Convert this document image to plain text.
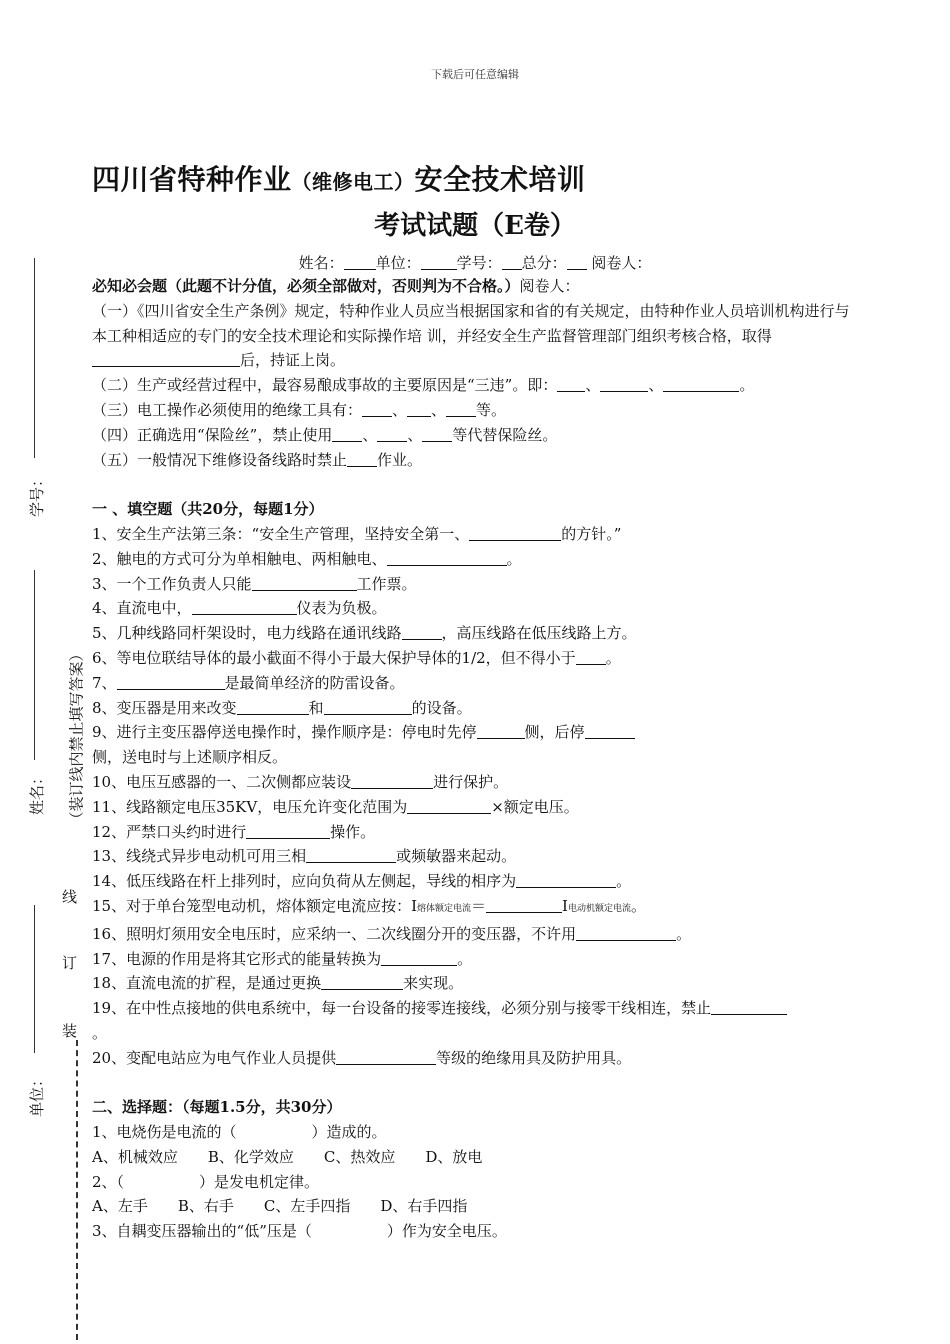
下载后可任意编辑
四川省特种作业（维修电工）安全技术培训
考试试题（E卷）
姓名： 单位： 学号： 总分： 阅卷人：

必知必会题（此题不计分值，必须全部做对，否则判为不合格。）阅卷人：

（一）《四川省安全生产条例》规定，特种作业人员应当根据国家和省的有关规定，由特种作业人员培训机构进行与本工种相适应的专门的安全技术理论和实际操作培 训，并经安全生产监督管理部门组织考核合格，取得后，持证上岗。

（二）生产或经营过程中，最容易酿成事故的主要原因是“三违”。即： 、	、	。

（三）电工操作必须使用的绝缘工具有： 、 、 等。

（四）正确选用“保险丝”，禁止使用 、 、 等代替保险丝。

（五）一般情况下维修设备线路时禁止 作业。

一 、填空题（共20分，每题1分）

1、安全生产法第三条：“安全生产管理，坚持安全第一、	的方针。”

2、触电的方式可分为单相触电、两相触电、	。

3、一个工作负责人只能	工作票。

4、直流电中，	仪表为负极。

5、几种线路同杆架设时，电力线路在通讯线路	，高压线路在低压线路上方。

6、等电位联结导体的最小截面不得小于最大保护导体的1/2，但不得小于 。

7、	是最简单经济的防雷设备。

8、变压器是用来改变	和	的设备。

9、进行主变压器停送电操作时，操作顺序是：停电时先停	侧，后停

侧，送电时与上述顺序相反。

10、电压互感器的一、二次侧都应装设	进行保护。

11、线路额定电压35KV，电压允许变化范围为	×额定电压。

12、严禁口头约时进行	操作。

13、线绕式异步电动机可用三相	或频敏器来起动。

14、低压线路在杆上排列时，应向负荷从左侧起，导线的相序为	。

15、对于单台笼型电动机，熔体额定电流应按：I熔体额定电流＝	I电动机额定电流。

16、照明灯须用安全电压时，应采纳一、二次线圈分开的变压器，不许用	。

17、电源的作用是将其它形式的能量转换为	。

18、直流电流的扩程，是通过更换	来实现。

19、在中性点接地的供电系统中，每一台设备的接零连接线，必须分别与接零干线相连，禁止

。

20、变配电站应为电气作业人员提供	等级的绝缘用具及防护用具。

二、选择题：（每题1.5分，共30分）

1、电烧伤是电流的（　　　　　）造成的。

A、机械效应　　B、化学效应　　C、热效应　　D、放电

2、（　　　　　）是发电机定律。

A、左手　　B、右手　　C、左手四指　　D、右手四指

3、自耦变压器输出的“低”压是（　　　　　）作为安全电压。

学号：
姓名：
单位：
（装订线内禁止填写答案）
线
订
装
